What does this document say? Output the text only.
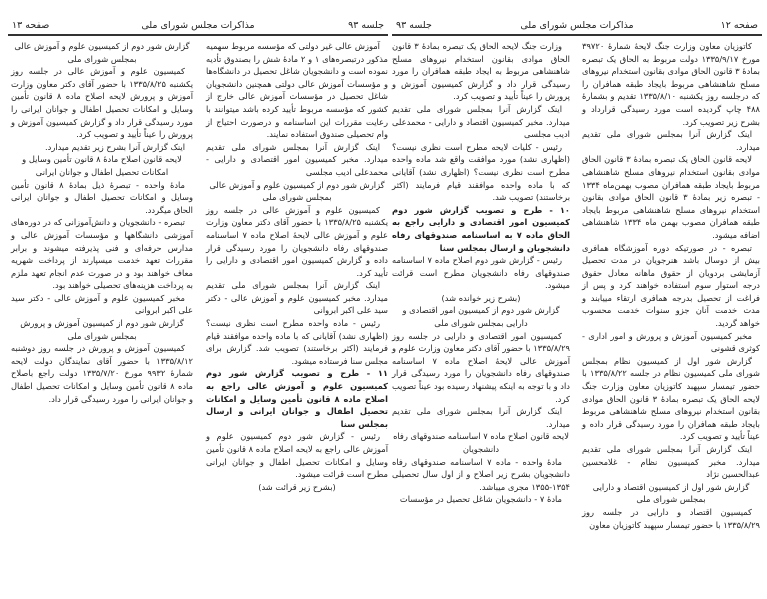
جلسه ۹۳
مذاکرات مجلس شورای ملی
صفحه ۱۳

آموزش عالی غیر دولتی که مؤسسه مربوط سهمیه مذکور درتبصره‌های ۱ و ۲ مادهٔ شش را بصندوق تأدیه نموده است و دانشجویان شاغل تحصیل در دانشگاه‌ها و مؤسسات آموزش عالی دولتی همچنین دانشجویان شاغل تحصیل در مؤسسات آموزش عالی خارج از کشور که مؤسسه مربوط تأیید کرده باشد میتوانند با رعایت مقررات این اساسنامه و درصورت احتیاج از وام تحصیلی صندوق استفاده نمایند.

اینک گزارش آنرا بمجلس شورای ملی تقدیم میدارد. مخبر کمیسیون امور اقتصادی و دارایی - محمدعلی ادیب مجلسی

گزارش شور دوم از کمیسیون علوم و آموزش عالی بمجلس شورای ملی

کمیسیون علوم و آموزش عالی در جلسه روز یکشنبه ۱۳۳۵/۸/۲۵ با حضور آقای دکتر معاون وزارت علوم و آموزش عالی لایحهٔ اصلاح ماده ۷ اساسنامه صندوقهای رفاه دانشجویان را مورد رسیدگی قرار داده و گزارش کمیسیون امور اقتصادی و دارایی را تأیید کرد.

اینک گزارش آنرا بمجلس شورای ملی تقدیم میدارد. مخبر کمیسیون علوم و آموزش عالی - دکتر سید علی اکبر ابروانی

رئیس - ماده واحده مطرح است نظری نیست؟ (اظهاری نشد) آقایانی که با ماده واحده موافقند قیام فرمایند (اکثر برخاستند) تصویب شد. گزارش برای مجلس سنا فرستاده میشود.

۱۱ - طرح و تصویب گزارش شور دوم کمیسیون علوم و آموزش عالی راجع به اصلاح ماده ۸ قانون تأمین وسایل و امکانات تحصیل اطفال و جوانان ایرانی و ارسال بمجلس سنا

رئیس - گزارش شور دوم کمیسیون علوم و آموزش عالی راجع به لایحه اصلاح ماده ۸ قانون تأمین وسایل و امکانات تحصیل اطفال و جوانان ایرانی مطرح است قرائت میشود.

(بشرح زیر قرائت شد)

گزارش شور دوم از کمیسیون علوم و آموزش عالی بمجلس شورای ملی

کمیسیون علوم و آموزش عالی در جلسه روز یکشنبه ۱۳۳۵/۸/۲۵ با حضور آقای دکتر معاون وزارت آموزش و پرورش لایحه اصلاح ماده ۸ قانون تأمین وسایل و امکانات تحصیل اطفال و جوانان ایرانی را مورد رسیدگی قرار داد و گزارش کمیسیون آموزش و پرورش را عیناً تأیید و تصویب کرد.

اینک گزارش آنرا بشرح زیر تقدیم میدارد.

لایحه قانون اصلاح مادهٔ ۸ قانون تأمین وسایل و امکانات تحصیل اطفال و جوانان ایرانی

مادهٔ واحده - تبصرهٔ ذیل بمادهٔ ۸ قانون تأمین وسایل و امکانات تحصیل اطفال و جوانان ایرانی الحاق میگردد.

تبصره - دانشجویان و دانش‌آموزانی که در دوره‌های آموزشی دانشگاهها و مؤسسات آموزش عالی و مدارس حرفه‌ای و فنی پذیرفته میشوند و برابر مقررات تعهد خدمت میسپارند از پرداخت شهریه معاف خواهند بود و در صورت عدم انجام تعهد ملزم به پرداخت هزینه‌های تحصیلی خواهند بود.

مخبر کمیسیون علوم و آموزش عالی - دکتر سید علی اکبر ابروانی

گزارش شور دوم از کمیسیون آموزش و پرورش بمجلس شورای ملی

کمیسیون آموزش و پرورش در جلسه روز دوشنبه ۱۳۳۵/۸/۱۲ با حضور آقای نمایندگان دولت لایحه شمارهٔ ۹۹۳۲ مورخ ۱۳۳۵/۷/۲۰ دولت راجع باصلاح ماده ۸ قانون تأمین وسایل و امکانات تحصیل اطفال و جوانان ایرانی را مورد رسیدگی قرار داد.

صفحه ۱۲
مذاکرات مجلس شورای ملی
جلسه ۹۳

کاتوزیان معاون وزارت جنگ لایحهٔ شمارهٔ ۳۹۷۲۰ مورخ ۱۳۳۵/۹/۱۷ دولت مربوط به الحاق یک تبصره بمادهٔ ۳ قانون الحاق موادی بقانون استخدام نیروهای مسلح شاهنشاهی مربوط بایجاد طبقه همافران را که درجلسه روز یکشنبه ۱۳۳۵/۸/۱۰ تقدیم و بشمارهٔ ۴۸۸ چاپ گردیده است مورد رسیدگی قرارداد و بشرح زیر تصویب کرد.

اینک گزارش آنرا بمجلس شورای ملی تقدیم میدارد.

لایحه قانون الحاق یک تبصره بمادهٔ ۳ قانون الحاق موادی بقانون استخدام نیروهای مسلح شاهنشاهی مربوط بایجاد طبقه همافران مصوب بهمن‌ماه ۱۳۳۴ - تبصره زیر بمادهٔ ۳ قانون الحاق موادی بقانون استخدام نیروهای مسلح شاهنشاهی مربوط بایجاد طبقه همافران مصوب بهمن ماه ۱۳۳۴ شاهنشاهی اضافه میشود.

تبصره - در صورتیکه دوره آموزشگاه همافری بیش از دوسال باشد هنرجویان در مدت تحصیل آزمایشی بردویان از حقوق ماهانه معادل حقوق درجه استوار سوم استفاده خواهند کرد و پس از فراغت از تحصیل بدرجه همافری ارتقاء مییابند و مدت خدمت آنان جزو سنوات خدمت محسوب خواهد گردید.

مخبر کمیسیون آموزش و پرورش و امور اداری - کوثری قشونی

گزارش شور اول از کمیسیون نظام بمجلس شورای ملی کمیسیون نظام در جلسه ۱۳۳۵/۸/۲۲ با حضور تیمسار سپهبد کاتوزیان معاون وزارت جنگ لایحه الحاق یک تبصره بمادهٔ ۳ قانون الحاق موادی بقانون استخدام نیروهای مسلح شاهنشاهی مربوط بایجاد طبقه همافران را مورد رسیدگی قرار داده و عیناً تأیید و تصویب کرد.

اینک گزارش آنرا بمجلس شورای ملی تقدیم میدارد. مخبر کمیسیون نظام - غلامحسین عبدالحسین نژاد

گزارش شور اول از کمیسیون اقتصاد و دارایی بمجلس شورای ملی

کمیسیون اقتصاد و دارایی در جلسه روز ۱۳۳۵/۸/۲۹ با حضور تیمسار سپهبد کاتوزیان معاون

وزارت جنگ لایحه الحاق یک تبصره بمادهٔ ۳ قانون الحاق موادی بقانون استخدام نیروهای مسلح شاهنشاهی مربوط به ایجاد طبقه همافران را مورد رسیدگی قرار داد و گزارش کمیسیون آموزش و پرورش را عیناً تأیید و تصویب کرد.

اینک گزارش آنرا بمجلس شورای ملی تقدیم میدارد. مخبر کمیسیون اقتصاد و دارایی - محمدعلی ادیب مجلسی

رئیس - کلیات لایحه مطرح است نظری نیست؟ (اظهاری نشد) مورد موافقت واقع شد ماده واحده مطرح است نظری نیست؟ (اظهاری نشد) آقایانی که با ماده واحده موافقند قیام فرمایند (اکثر برخاستند) تصویب شد.

۱۰ - طرح و تصویب گزارش شور دوم کمیسیون امور اقتصادی و دارایی راجع به الحاق ماده ۷ به اساسنامه صندوقهای رفاه دانشجویان و ارسال بمجلس سنا

رئیس - گزارش شور دوم اصلاح ماده ۷ اساسنامه صندوقهای رفاه دانشجویان مطرح است قرائت میشود.

(بشرح زیر خوانده شد)

گزارش شور دوم از کمیسیون امور اقتصادی و دارایی بمجلس شورای ملی

کمیسیون امور اقتصادی و دارایی در جلسه روز ۱۳۳۵/۸/۲۹ با حضور آقای دکتر معاون وزارت علوم و آموزش عالی لایحهٔ اصلاح ماده ۷ اساسنامه صندوقهای رفاه دانشجویان را مورد رسیدگی قرار داد و با توجه به اینکه پیشنهاد رسیده بود عیناً تصویب کرد.

اینک گزارش آنرا بمجلس شورای ملی تقدیم میدارد.

لایحه قانون اصلاح ماده ۷ اساسنامه صندوقهای رفاه دانشجویان

مادهٔ واحده - ماده ۷ اساسنامه صندوقهای رفاه دانشجویان بشرح زیر اصلاح و از اول سال تحصیلی ۱۳۵۴-۱۳۵۵ مجری میباشد.

مادهٔ ۷ - دانشجویان شاغل تحصیل در مؤسسات
